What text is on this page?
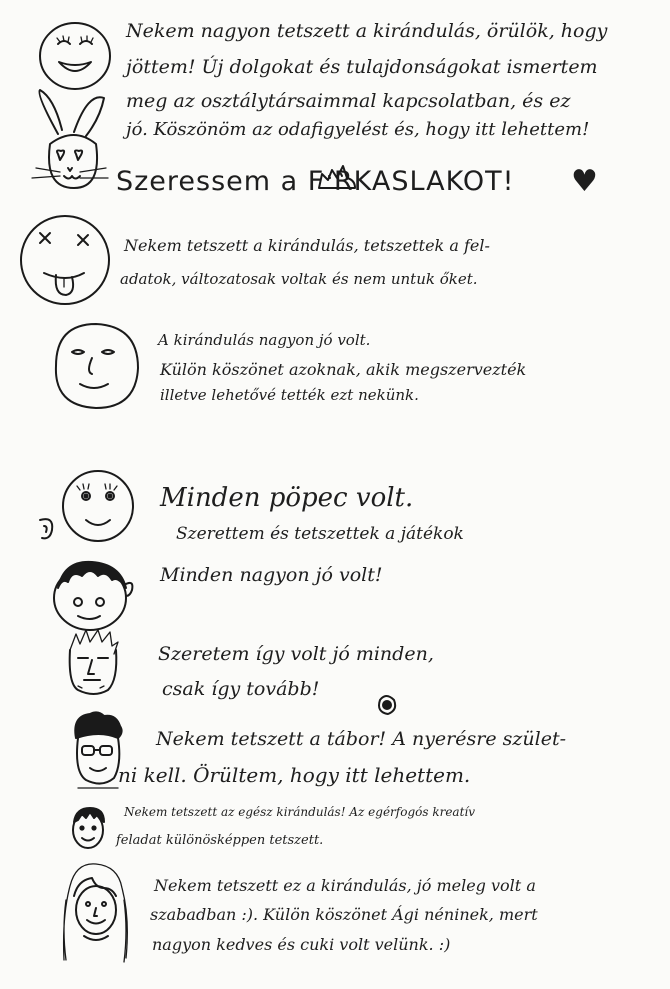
Nekem nagyon tetszett a kirándulás, örülök, hogy
jöttem! Új dolgokat és tulajdonságokat ismertem
meg az osztálytársaimmal kapcsolatban, és ez
jó. Köszönöm az odafigyelést és, hogy itt lehettem!
Szeressem a F RKASLAKOT! ♥
Nekem tetszett a kirándulás, tetszettek a fel-
adatok, változatosak voltak és nem untuk őket.
A kirándulás nagyon jó volt.
Külön köszönet azoknak, akik megszervezték
illetve lehetővé tették ezt nekünk.
Minden pöpec volt.
Szerettem és tetszettek a játékok
Minden nagyon jó volt!
Szeretem így volt jó minden,
csak így tovább!
Nekem tetszett a tábor! A nyerésre szület-
ni kell. Örültem, hogy itt lehettem.
Nekem tetszett az egész kirándulás! Az egérfogós kreatív
feladat különösképpen tetszett.
Nekem tetszett ez a kirándulás, jó meleg volt a
szabadban :). Külön köszönet Ági néninek, mert
nagyon kedves és cuki volt velünk. :)
